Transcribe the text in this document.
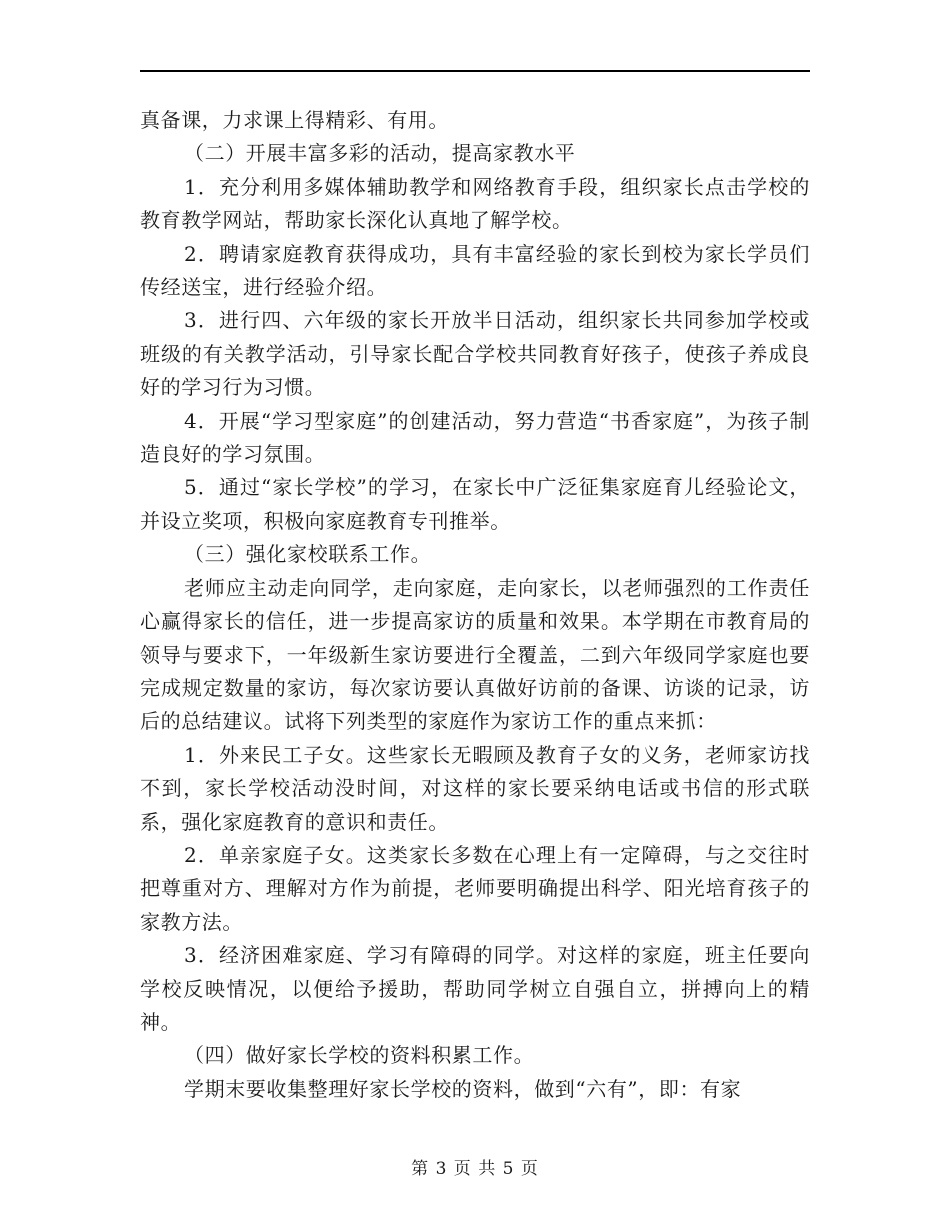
真备课，力求课上得精彩、有用。

（二）开展丰富多彩的活动，提高家教水平

1．充分利用多媒体辅助教学和网络教育手段，组织家长点击学校的教育教学网站，帮助家长深化认真地了解学校。

2．聘请家庭教育获得成功，具有丰富经验的家长到校为家长学员们传经送宝，进行经验介绍。

3．进行四、六年级的家长开放半日活动，组织家长共同参加学校或班级的有关教学活动，引导家长配合学校共同教育好孩子，使孩子养成良好的学习行为习惯。

4．开展“学习型家庭”的创建活动，努力营造“书香家庭”，为孩子制造良好的学习氛围。

5．通过“家长学校”的学习，在家长中广泛征集家庭育儿经验论文，并设立奖项，积极向家庭教育专刊推举。

（三）强化家校联系工作。

老师应主动走向同学，走向家庭，走向家长，以老师强烈的工作责任心赢得家长的信任，进一步提高家访的质量和效果。本学期在市教育局的领导与要求下，一年级新生家访要进行全覆盖，二到六年级同学家庭也要完成规定数量的家访，每次家访要认真做好访前的备课、访谈的记录，访后的总结建议。试将下列类型的家庭作为家访工作的重点来抓：

1．外来民工子女。这些家长无暇顾及教育子女的义务，老师家访找不到，家长学校活动没时间，对这样的家长要采纳电话或书信的形式联系，强化家庭教育的意识和责任。

2．单亲家庭子女。这类家长多数在心理上有一定障碍，与之交往时把尊重对方、理解对方作为前提，老师要明确提出科学、阳光培育孩子的家教方法。

3．经济困难家庭、学习有障碍的同学。对这样的家庭，班主任要向学校反映情况，以便给予援助，帮助同学树立自强自立，拼搏向上的精神。

（四）做好家长学校的资料积累工作。

学期末要收集整理好家长学校的资料，做到“六有”，即：有家

第 3 页 共 5 页
